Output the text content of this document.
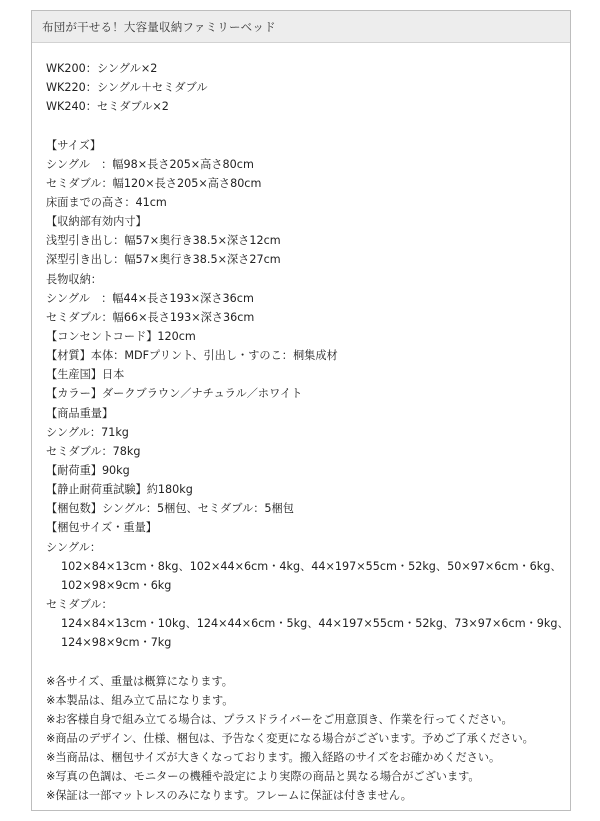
布団が干せる！大容量収納ファミリーベッド
WK200：シングル×2
WK220：シングル＋セミダブル
WK240：セミダブル×2
【サイズ】
シングル　：幅98×長さ205×高さ80cm
セミダブル：幅120×長さ205×高さ80cm
床面までの高さ：41cm
【収納部有効内寸】
浅型引き出し：幅57×奥行き38.5×深さ12cm
深型引き出し：幅57×奥行き38.5×深さ27cm
長物収納：
シングル　：幅44×長さ193×深さ36cm
セミダブル：幅66×長さ193×深さ36cm
【コンセントコード】120cm
【材質】本体：MDFプリント、引出し・すのこ：桐集成材
【生産国】日本
【カラー】ダークブラウン／ナチュラル／ホワイト
【商品重量】
シングル：71kg
セミダブル：78kg
【耐荷重】90kg
【静止耐荷重試験】約180kg
【梱包数】シングル：5梱包、セミダブル：5梱包
【梱包サイズ・重量】
シングル：
102×84×13cm・8kg、102×44×6cm・4kg、44×197×55cm・52kg、50×97×6cm・6kg、
102×98×9cm・6kg
セミダブル：
124×84×13cm・10kg、124×44×6cm・5kg、44×197×55cm・52kg、73×97×6cm・9kg、
124×98×9cm・7kg
※各サイズ、重量は概算になります。
※本製品は、組み立て品になります。
※お客様自身で組み立てる場合は、プラスドライバーをご用意頂き、作業を行ってください。
※商品のデザイン、仕様、梱包は、予告なく変更になる場合がございます。予めご了承ください。
※当商品は、梱包サイズが大きくなっております。搬入経路のサイズをお確かめください。
※写真の色調は、モニターの機種や設定により実際の商品と異なる場合がございます。
※保証は一部マットレスのみになります。フレームに保証は付きません。
